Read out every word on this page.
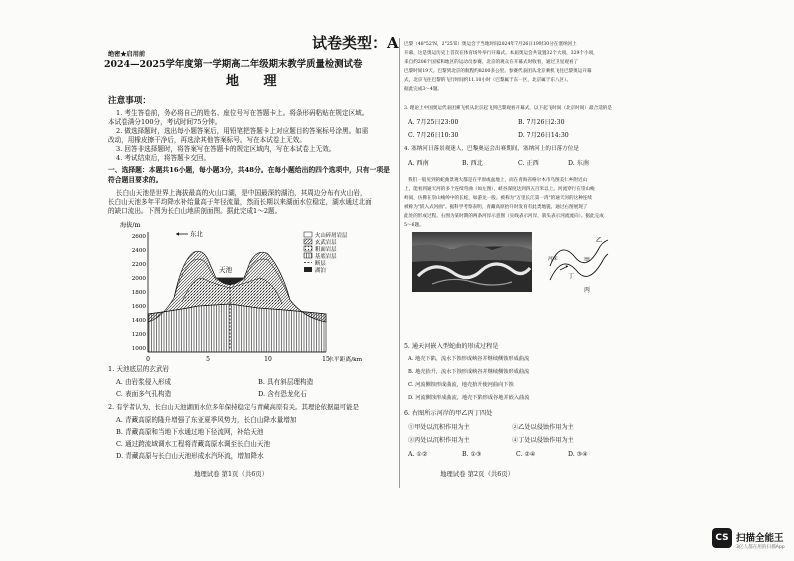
试卷类型：A
绝密★启用前
2024—2025学年度第一学期高二年级期末教学质量检测试卷
地 理
注意事项：
1. 考生答卷前，务必将自己的姓名、座位号写在答题卡上。将条形码粘贴在规定区域。
本试卷满分100分，考试时间75分钟。
2. 做选择题时，选出每小题答案后，用铅笔把答题卡上对应题目的答案标号涂黑。如需
改动，用橡皮擦干净后，再选涂其他答案标号。写在本试卷上无效。
3. 回答非选择题时，将答案写在答题卡的规定区域内，写在本试卷上无效。
4. 考试结束后，将答题卡交回。
一、选择题：本题共16小题，每小题3分，共48分。在每小题给出的四个选项中，只有一项是
符合题目要求的。
长白山天池是世界上海拔最高的火山口湖，是中国最深的湖泊，其周边分布有火山岩，
长白山天池多年平均降水补给量高于年径流量，然而长期以来湖面水位稳定，湖水通过北面
的缺口流出。下图为长白山地质剖面图。据此完成1～2题。
海拔/m
2600
2400
2200
2000
1800
1600
1400
1200
1000
0	5	10	15
水平距离/km
东北
天池
火山碎屑岩层
玄武岩层
粗面岩层
基底岩层
断层
湖泊
1. 天池底层的玄武岩
A. 由岩浆侵入形成	B. 具有斜层理构造
C. 表面多气孔构造	D. 含有恐龙化石
2. 有学者认为，长白山天池湖面水位多年保持稳定与青藏高原有关。其理论依据最可能是
A. 青藏高原的隆升增强了东亚夏季风势力，长白山降水量增加
B. 青藏高原和当地下水通过地下径流网，补给天池
C. 通过跨流域调水工程将青藏高原水调至长白山天池
D. 青藏高原与长白山天池形成水汽环流，增加降水
地理试卷 第1页（共6页）
巴黎（48°52'N，2°25'E）奥运会于当地时间2024年7月26日19时30分在塞纳河上
开幕，这是奥运历史上首次在体育场外举行开幕式。本届奥运会共设置32个大项、329个小项，
来自约206个国家和地区的运动员参赛。北京的观众在开幕式时收看，通过卫星观看了
巴黎时间19天。巴黎到北京的航程约8200多公里。参赛代表团从北京乘机飞往巴黎奥运开幕
式，北京飞往巴黎的飞行时间约11.10小时（巴黎属于东一区，北京属于东八区）。
据此完成3～4题。
3. 理论上中国奥运代表团乘飞机从北京起飞到巴黎观看开幕式，以下起飞时间（北京时间）最合适的是
A. 7月25日23:00	B. 7月26日2:30
C. 7月26日10:30	D. 7月26日14:30
4. 塞纳河日落景观迷人，巴黎奥运会出赛期间，塞纳河上的日落方位是
A. 西南	B. 西北	C. 正西	D. 东南
我们一般见到的蛇曲景观大都是在平原或盆地上，而在青海省格尔木市乌图美仁乡附近山
上，能看到通天河的多个连续弯曲（如左图），峡谷深度达到四五百米以上。河流穿行在崇山峻
岭间，仿佛在崇山峻岭中的长蛇，如游龙一般。被称为"万里长江第一湾"的通天河的这种连续
被称为"嵌入式河曲"。据科学考察表明，青藏高原抬升时发育有此类地貌。通过右图展现了
此处的形成过程。右图为某时期的两条河岸示意图（实线表示河岸，箭头表示河流流向）。据此完成
5～6题。
乙
河床	甲
丁
丙
5. 通天河嵌入型蛇曲的形成过程是
A. 地壳下陷，流水下蚀形成峡谷并继续侧蚀形成曲流
B. 地壳抬升，流水下蚀形成峡谷并继续侧蚀形成曲流
C. 河流侧蚀形成曲流，地壳抬升使河曲向下蚀
D. 河流侧蚀形成曲流，地壳下陷形成谷地并嵌入曲流
6. 右图所示河岸的甲乙丙丁四处
①甲处以沉积作用为主	②乙处以侵蚀作用为主
③丙处以沉积作用为主	④丁处以侵蚀作用为主
A. ①②	B. ①③	C. ②④	D. ③④
地理试卷 第2页（共6页）
CS 扫描全能王
3亿人都在用的扫描App
